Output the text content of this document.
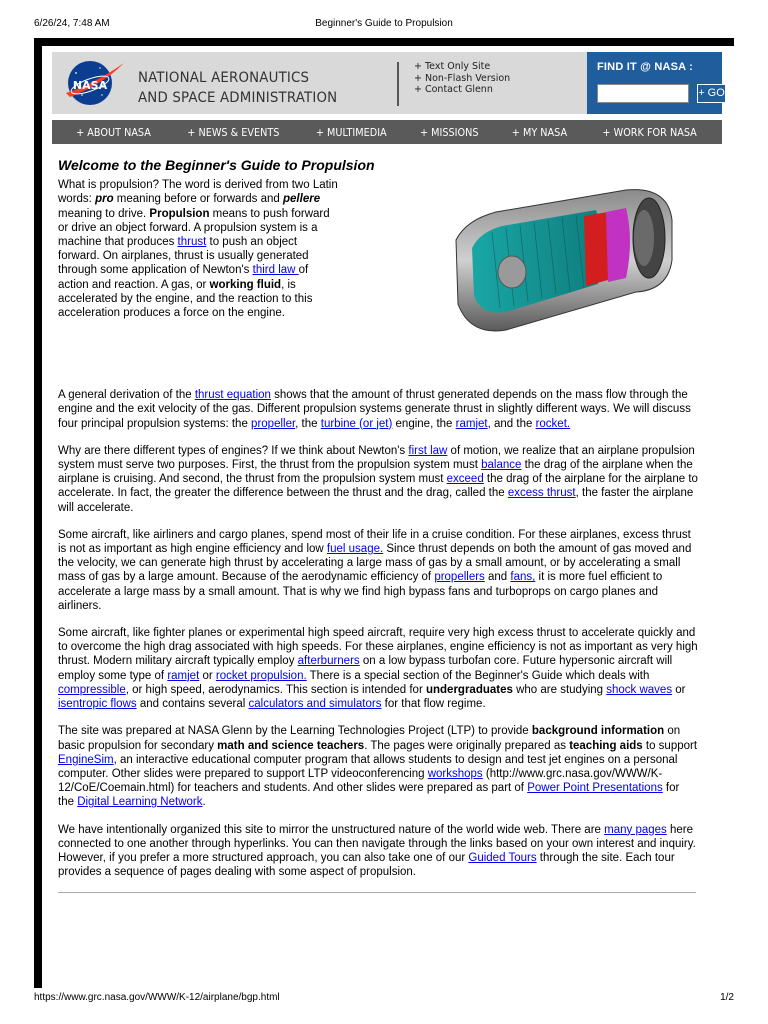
6/26/24, 7:48 AM	Beginner's Guide to Propulsion
NASA NATIONAL AERONAUTICS
AND SPACE ADMINISTRATION
+ Text Only Site
+ Non-Flash Version
+ Contact Glenn
FIND IT @ NASA :
+ GO
+ ABOUT NASA	+ NEWS & EVENTS	+ MULTIMEDIA	+ MISSIONS	+ MY NASA	+ WORK FOR NASA
Welcome to the Beginner's Guide to Propulsion
What is propulsion? The word is derived from two Latin words: pro meaning before or forwards and pellere meaning to drive. Propulsion means to push forward or drive an object forward. A propulsion system is a machine that produces thrust to push an object forward. On airplanes, thrust is usually generated through some application of Newton's third law of action and reaction. A gas, or working fluid, is accelerated by the engine, and the reaction to this acceleration produces a force on the engine.

A general derivation of the thrust equation shows that the amount of thrust generated depends on the mass flow through the engine and the exit velocity of the gas. Different propulsion systems generate thrust in slightly different ways. We will discuss four principal propulsion systems: the propeller, the turbine (or jet) engine, the ramjet, and the rocket.

Why are there different types of engines? If we think about Newton's first law of motion, we realize that an airplane propulsion system must serve two purposes. First, the thrust from the propulsion system must balance the drag of the airplane when the airplane is cruising. And second, the thrust from the propulsion system must exceed the drag of the airplane for the airplane to accelerate. In fact, the greater the difference between the thrust and the drag, called the excess thrust, the faster the airplane will accelerate.

Some aircraft, like airliners and cargo planes, spend most of their life in a cruise condition. For these airplanes, excess thrust is not as important as high engine efficiency and low fuel usage. Since thrust depends on both the amount of gas moved and the velocity, we can generate high thrust by accelerating a large mass of gas by a small amount, or by accelerating a small mass of gas by a large amount. Because of the aerodynamic efficiency of propellers and fans, it is more fuel efficient to accelerate a large mass by a small amount. That is why we find high bypass fans and turboprops on cargo planes and airliners.

Some aircraft, like fighter planes or experimental high speed aircraft, require very high excess thrust to accelerate quickly and to overcome the high drag associated with high speeds. For these airplanes, engine efficiency is not as important as very high thrust. Modern military aircraft typically employ afterburners on a low bypass turbofan core. Future hypersonic aircraft will employ some type of ramjet or rocket propulsion. There is a special section of the Beginner's Guide which deals with compressible, or high speed, aerodynamics. This section is intended for undergraduates who are studying shock waves or isentropic flows and contains several calculators and simulators for that flow regime.

The site was prepared at NASA Glenn by the Learning Technologies Project (LTP) to provide background information on basic propulsion for secondary math and science teachers. The pages were originally prepared as teaching aids to support EngineSim, an interactive educational computer program that allows students to design and test jet engines on a personal computer. Other slides were prepared to support LTP videoconferencing workshops (http://www.grc.nasa.gov/WWW/K-12/CoE/Coemain.html) for teachers and students. And other slides were prepared as part of Power Point Presentations for the Digital Learning Network.

We have intentionally organized this site to mirror the unstructured nature of the world wide web. There are many pages here connected to one another through hyperlinks. You can then navigate through the links based on your own interest and inquiry. However, if you prefer a more structured approach, you can also take one of our Guided Tours through the site. Each tour provides a sequence of pages dealing with some aspect of propulsion.

https://www.grc.nasa.gov/WWW/K-12/airplane/bgp.html	1/2
